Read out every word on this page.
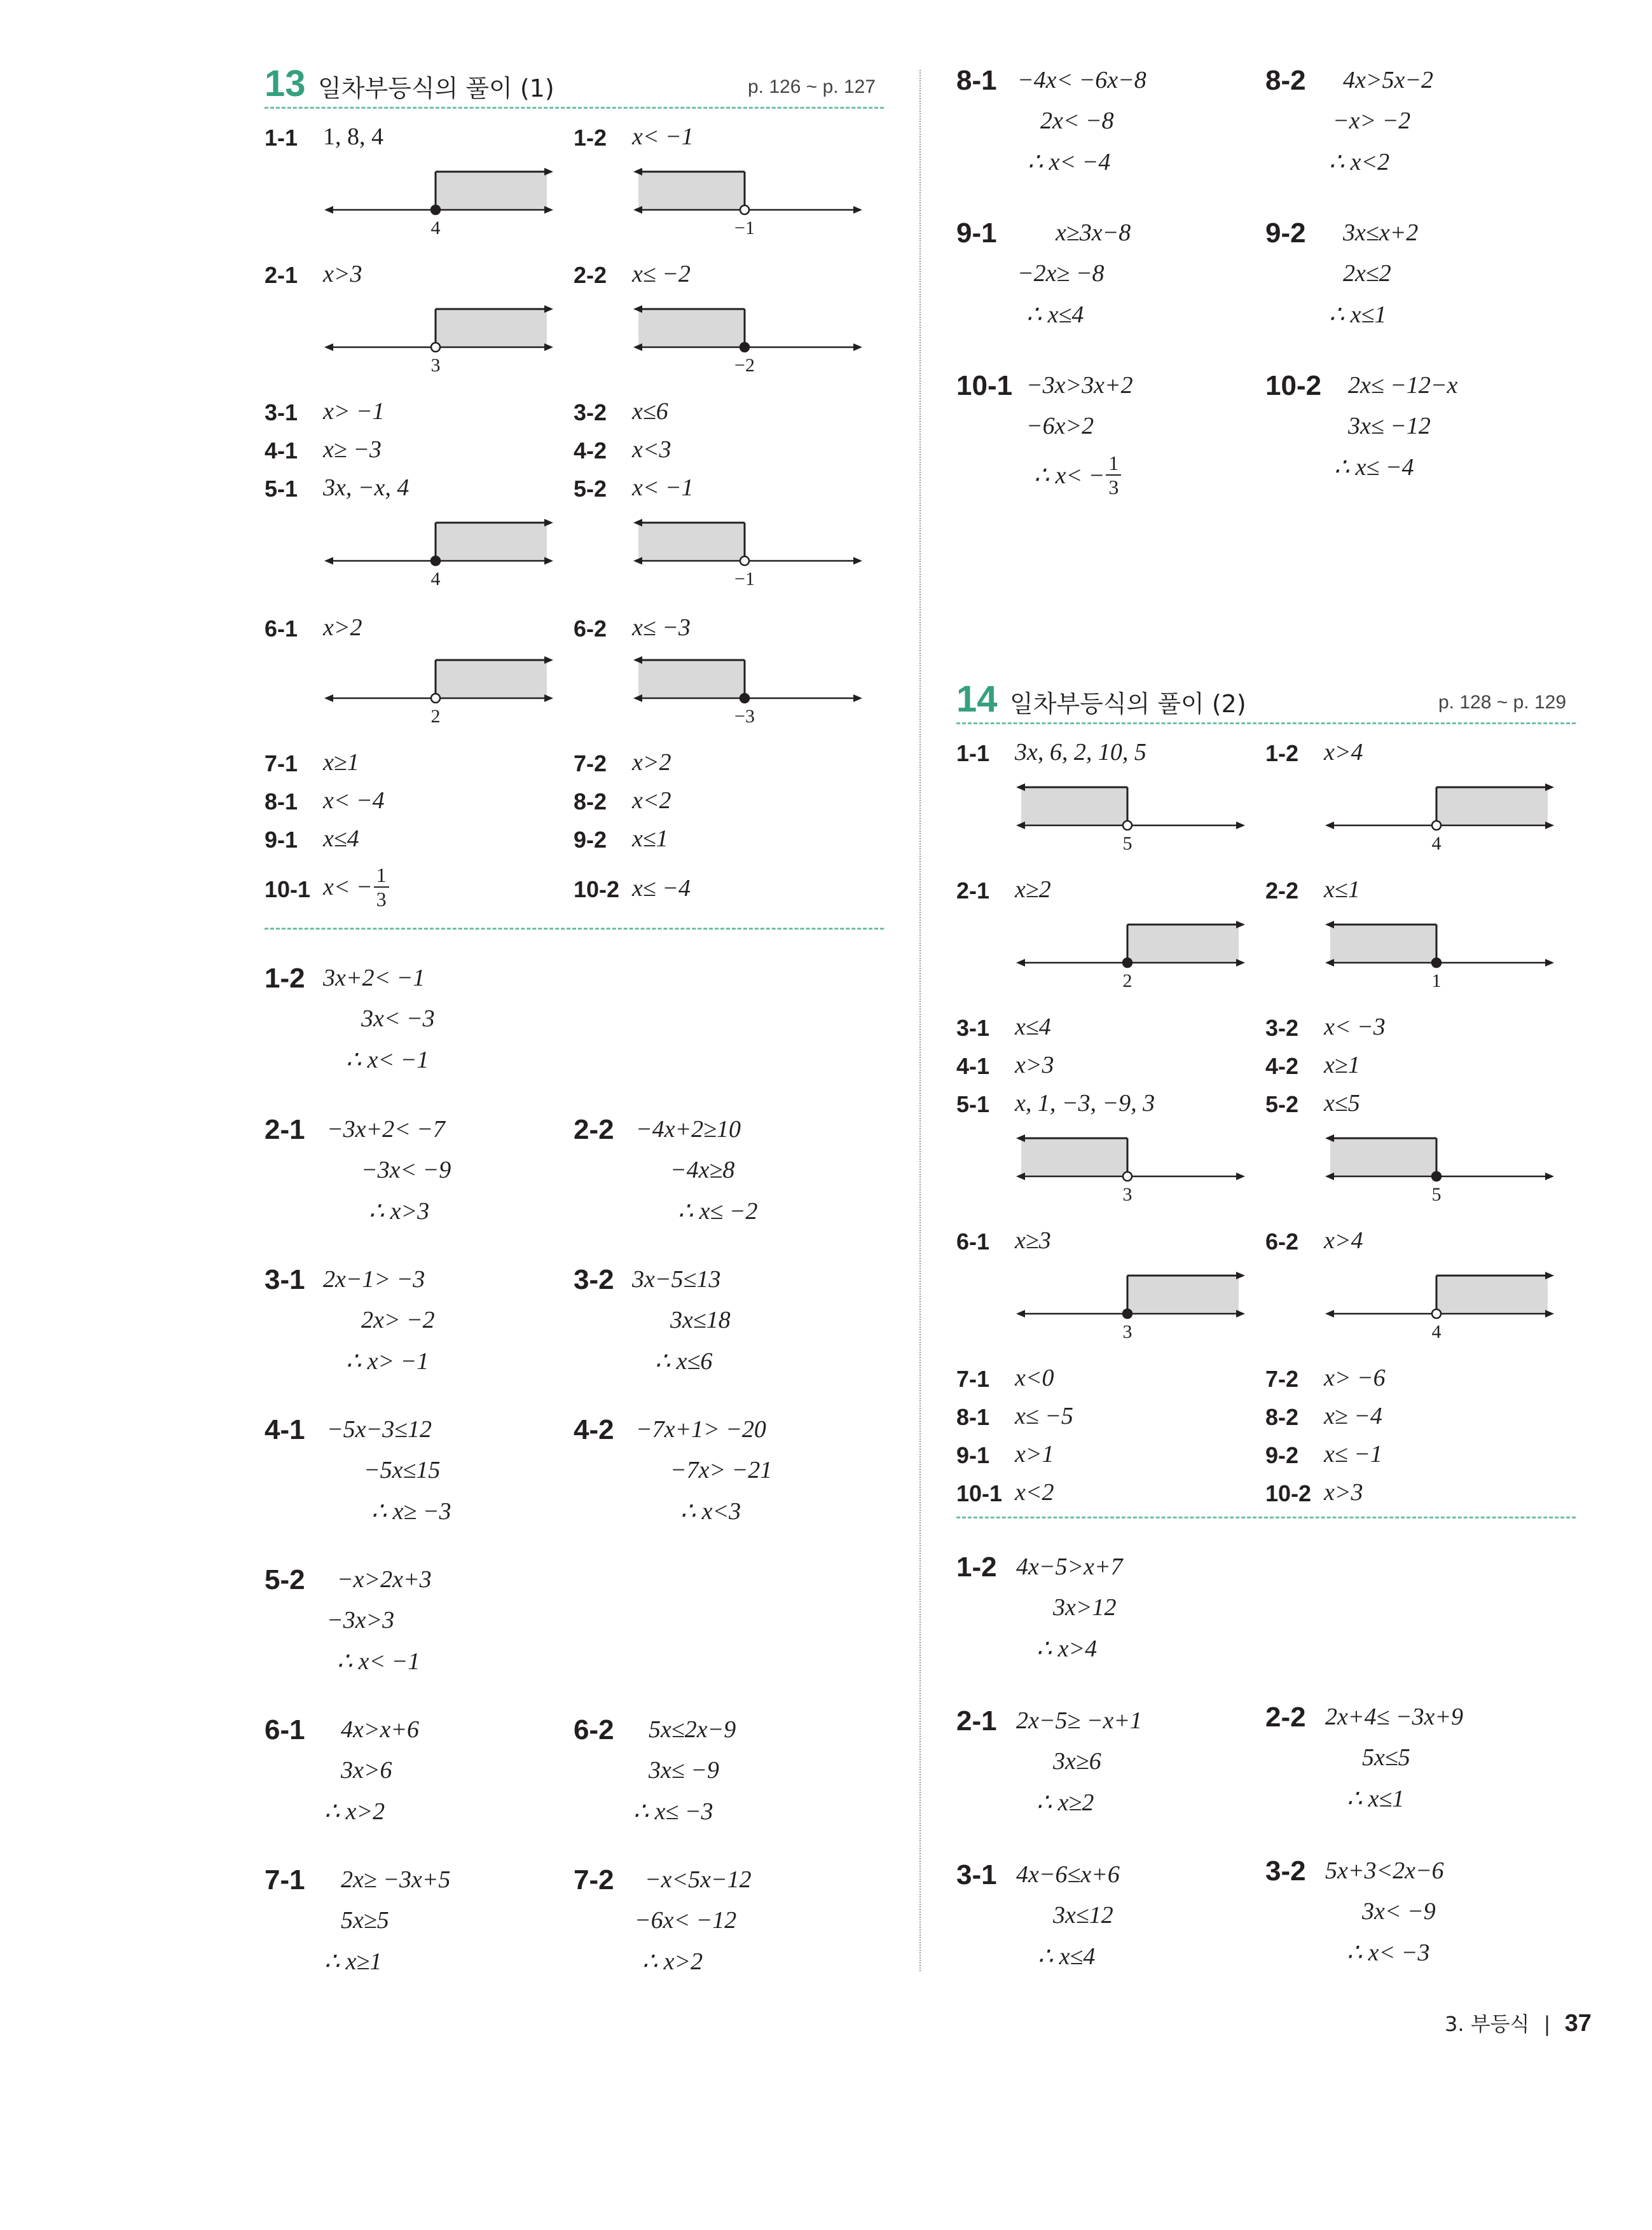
13 일차부등식의 풀이 (1)	p. 126 ~ p. 127
1-1 1, 8, 4	1-2 x< −1
2-1 x>3	2-2 x≤ −2
3-1 x> −1	3-2 x≤6
4-1 x≥ −3	4-2 x<3
5-1 3x, −x, 4	5-2 x< −1
6-1 x>2	6-2 x≤ −3
7-1 x≥1	7-2 x>2
8-1 x< −4	8-2 x<2
9-1 x≤4	9-2 x≤1
10-1 $x< - \frac{1}{3}$	10-2 x≤ −4
4	−1
3	−2
4	−1
2	−3
1-2 3x+2< −1
3x< −3
∴ x< −1
2-1 −3x+2< −7
−3x< −9
∴ x>3
2-2 −4x+2≥10
−4x≥8
∴ x≤ −2
3-1 2x−1> −3
2x> −2
∴ x> −1
3-2 3x−5≤13
3x≤18
∴ x≤6
4-1 −5x−3≤12
−5x≤15
∴ x≥ −3
4-2 −7x+1> −20
−7x> −21
∴ x<3
5-2 −x>2x+3
−3x>3
∴ x< −1
6-1 4x>x+6
3x>6
∴ x>2
6-2 5x≤2x−9
3x≤ −9
∴ x≤ −3
7-1 2x≥ −3x+5
5x≥5
∴ x≥1
7-2 −x<5x−12
−6x< −12
∴ x>2
8-1 −4x< −6x−8
2x< −8
∴ x< −4
8-2 4x>5x−2
−x> −2
∴ x<2
9-1 x≥3x−8
−2x≥ −8
∴ x≤4
9-2 3x≤x+2
2x≤2
∴ x≤1
10-1 −3x>3x+2
−6x>2
∴ $x< - \frac{1}{3}$
10-2 2x≤ −12−x
3x≤ −12
∴ x≤ −4
14 일차부등식의 풀이 (2)	p. 128 ~ p. 129
1-1 3x, 6, 2, 10, 5	1-2 x>4
2-1 x≥2	2-2 x≤1
3-1 x≤4	3-2 x< −3
4-1 x>3	4-2 x≥1
5-1 x, 1, −3, −9, 3	5-2 x≤5
6-1 x≥3	6-2 x>4
7-1 x<0	7-2 x> −6
8-1 x≤ −5	8-2 x≥ −4
9-1 x>1	9-2 x≤ −1
10-1 x<2	10-2 x>3
5	4
2	1
3	5
3	4
1-2 4x−5>x+7
3x>12
∴ x>4
2-1 2x−5≥ −x+1
3x≥6
∴ x≥2
2-2 2x+4≤ −3x+9
5x≤5
∴ x≤1
3-1 4x−6≤x+6
3x≤12
∴ x≤4
3-2 5x+3<2x−6
3x< −9
∴ x< −3
3. 부등식 | 37
